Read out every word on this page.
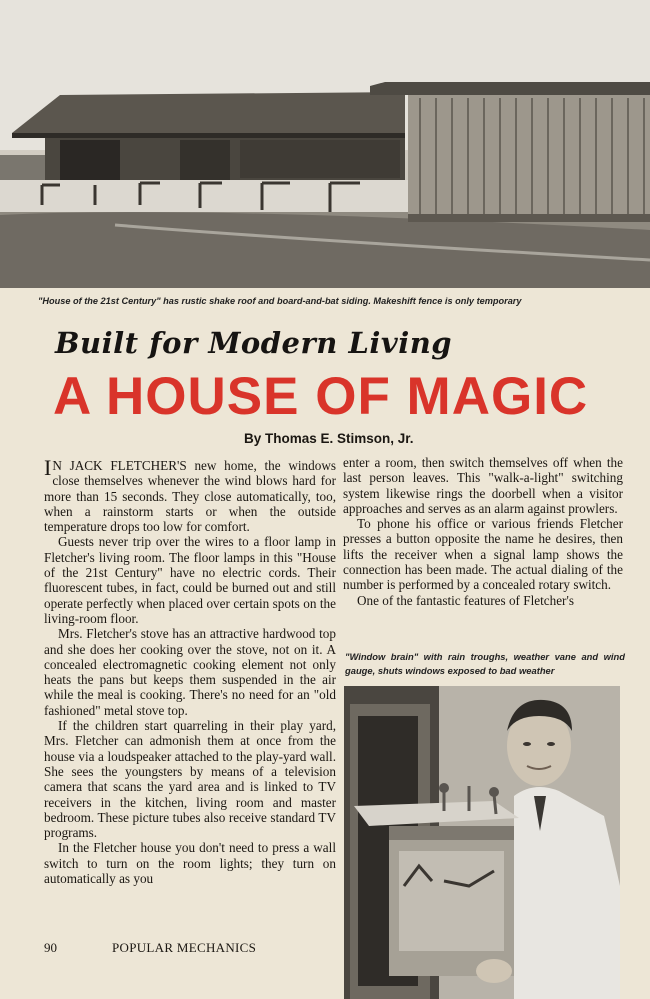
"House of the 21st Century" has rustic shake roof and board-and-bat siding. Makeshift fence is only temporary
Built for Modern Living
A HOUSE OF MAGIC
By Thomas E. Stimson, Jr.

I N JACK FLETCHER'S new home, the windows close themselves whenever the wind blows hard for more than 15 seconds. They close automatically, too, when a rainstorm starts or when the outside temperature drops too low for comfort.

Guests never trip over the wires to a floor lamp in Fletcher's living room. The floor lamps in this "House of the 21st Century" have no electric cords. Their fluorescent tubes, in fact, could be burned out and still operate perfectly when placed over certain spots on the living-room floor.

Mrs. Fletcher's stove has an attractive hardwood top and she does her cooking over the stove, not on it. A concealed electromagnetic cooking element not only heats the pans but keeps them suspended in the air while the meal is cooking. There's no need for an "old fashioned" metal stove top.

If the children start quarreling in their play yard, Mrs. Fletcher can admonish them at once from the house via a loudspeaker attached to the play-yard wall. She sees the youngsters by means of a television camera that scans the yard area and is linked to TV receivers in the kitchen, living room and master bedroom. These picture tubes also receive standard TV programs.

In the Fletcher house you don't need to press a wall switch to turn on the room lights; they turn on automatically as you

enter a room, then switch themselves off when the last person leaves. This "walk-a-light" switching system likewise rings the doorbell when a visitor approaches and serves as an alarm against prowlers.

To phone his office or various friends Fletcher presses a button opposite the name he desires, then lifts the receiver when a signal lamp shows the connection has been made. The actual dialing of the number is performed by a concealed rotary switch.

One of the fantastic features of Fletcher's

"Window brain" with rain troughs, weather vane and wind gauge, shuts windows exposed to bad weather
90	POPULAR MECHANICS
